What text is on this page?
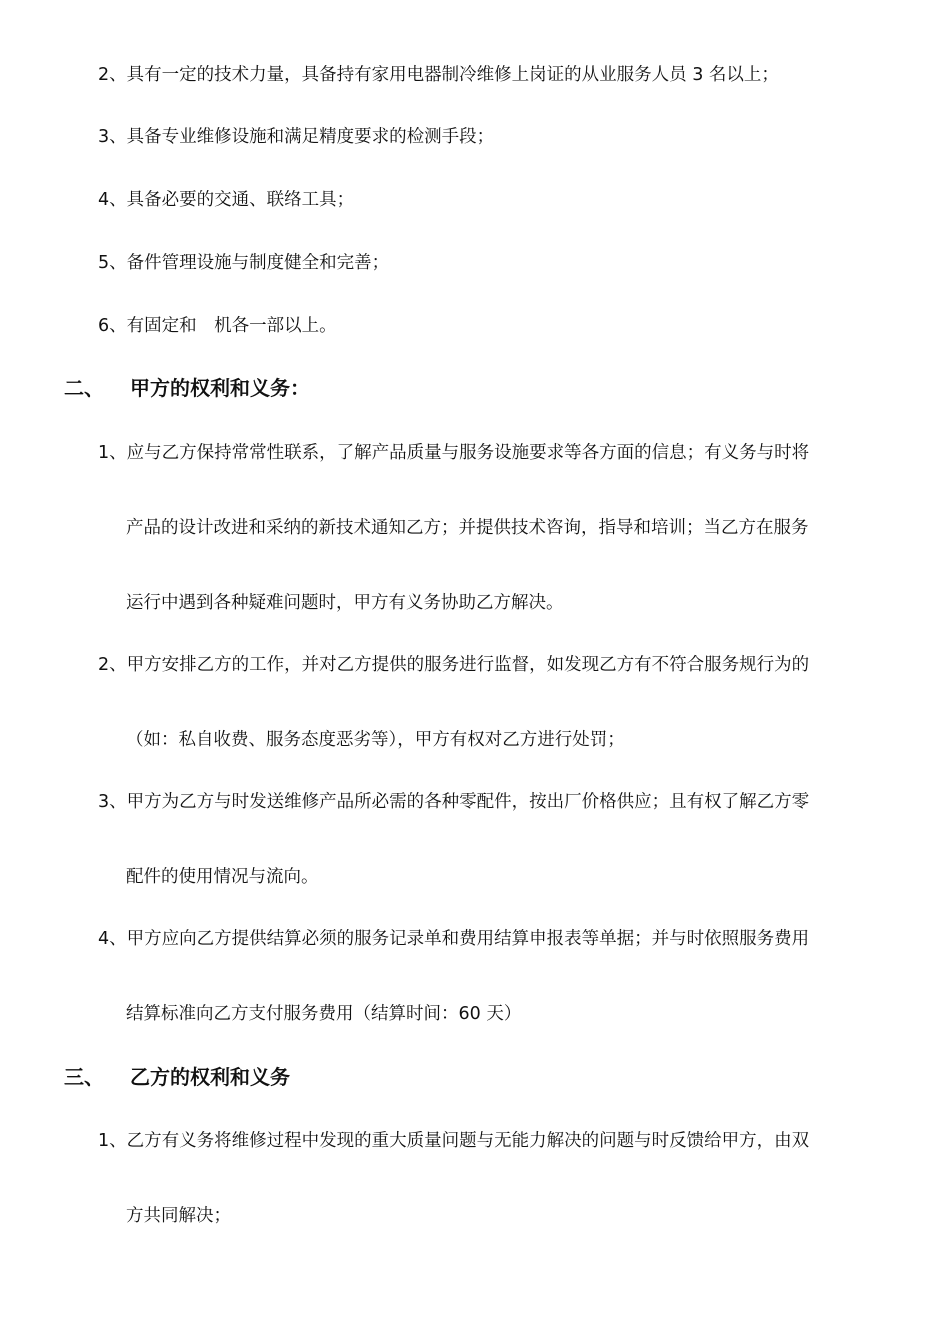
2、具有一定的技术力量，具备持有家用电器制冷维修上岗证的从业服务人员 3 名以上；
3、具备专业维修设施和满足精度要求的检测手段；
4、具备必要的交通、联络工具；
5、备件管理设施与制度健全和完善；
6、有固定和　机各一部以上。
二、 甲方的权利和义务：
1、应与乙方保持常常性联系，了解产品质量与服务设施要求等各方面的信息；有义务与时将
产品的设计改进和采纳的新技术通知乙方；并提供技术咨询，指导和培训；当乙方在服务
运行中遇到各种疑难问题时，甲方有义务协助乙方解决。
2、甲方安排乙方的工作，并对乙方提供的服务进行监督，如发现乙方有不符合服务规行为的
（如：私自收费、服务态度恶劣等），甲方有权对乙方进行处罚；
3、甲方为乙方与时发送维修产品所必需的各种零配件，按出厂价格供应；且有权了解乙方零
配件的使用情况与流向。
4、甲方应向乙方提供结算必须的服务记录单和费用结算申报表等单据；并与时依照服务费用
结算标准向乙方支付服务费用（结算时间：60 天）
三、 乙方的权利和义务
1、乙方有义务将维修过程中发现的重大质量问题与无能力解决的问题与时反馈给甲方，由双
方共同解决；
